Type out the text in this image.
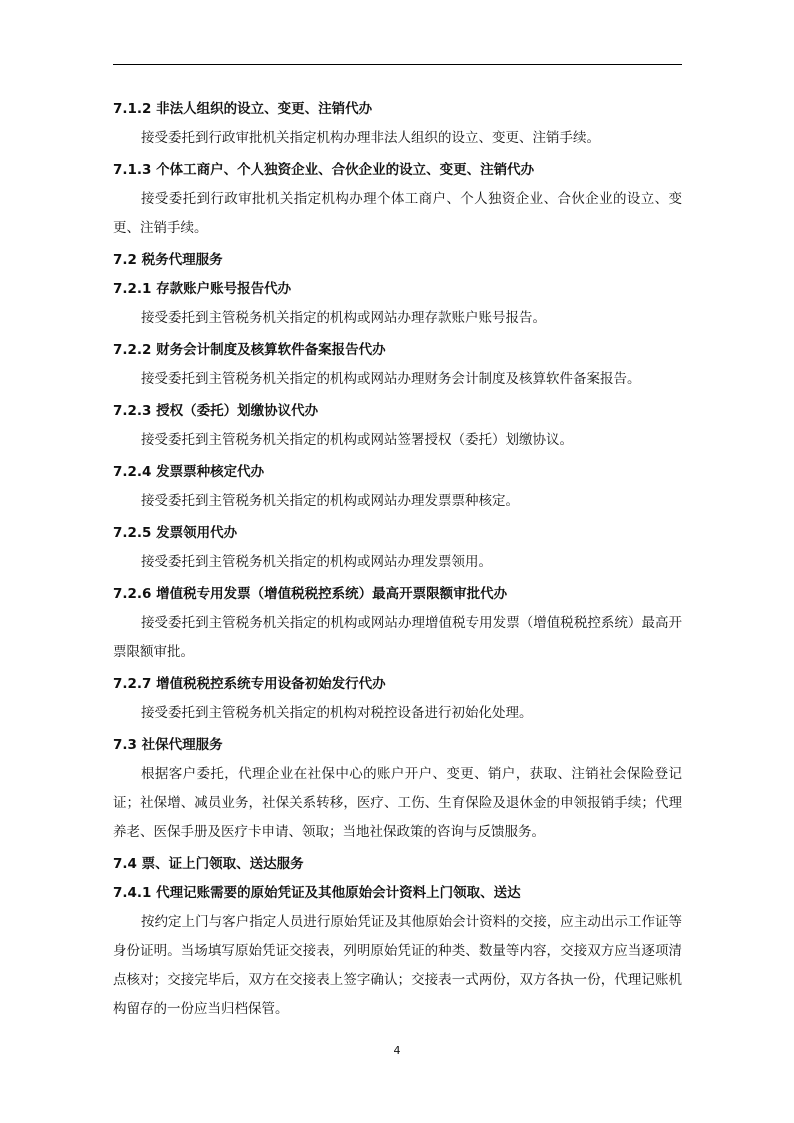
7.1.2 非法人组织的设立、变更、注销代办
接受委托到行政审批机关指定机构办理非法人组织的设立、变更、注销手续。
7.1.3 个体工商户、个人独资企业、合伙企业的设立、变更、注销代办
接受委托到行政审批机关指定机构办理个体工商户、个人独资企业、合伙企业的设立、变更、注销手续。
7.2 税务代理服务
7.2.1 存款账户账号报告代办
接受委托到主管税务机关指定的机构或网站办理存款账户账号报告。
7.2.2 财务会计制度及核算软件备案报告代办
接受委托到主管税务机关指定的机构或网站办理财务会计制度及核算软件备案报告。
7.2.3 授权（委托）划缴协议代办
接受委托到主管税务机关指定的机构或网站签署授权（委托）划缴协议。
7.2.4 发票票种核定代办
接受委托到主管税务机关指定的机构或网站办理发票票种核定。
7.2.5 发票领用代办
接受委托到主管税务机关指定的机构或网站办理发票领用。
7.2.6 增值税专用发票（增值税税控系统）最高开票限额审批代办
接受委托到主管税务机关指定的机构或网站办理增值税专用发票（增值税税控系统）最高开票限额审批。
7.2.7 增值税税控系统专用设备初始发行代办
接受委托到主管税务机关指定的机构对税控设备进行初始化处理。
7.3 社保代理服务
根据客户委托，代理企业在社保中心的账户开户、变更、销户，获取、注销社会保险登记证；社保增、减员业务，社保关系转移，医疗、工伤、生育保险及退休金的申领报销手续；代理养老、医保手册及医疗卡申请、领取；当地社保政策的咨询与反馈服务。
7.4 票、证上门领取、送达服务
7.4.1 代理记账需要的原始凭证及其他原始会计资料上门领取、送达
按约定上门与客户指定人员进行原始凭证及其他原始会计资料的交接，应主动出示工作证等身份证明。当场填写原始凭证交接表，列明原始凭证的种类、数量等内容，交接双方应当逐项清点核对；交接完毕后，双方在交接表上签字确认；交接表一式两份，双方各执一份，代理记账机构留存的一份应当归档保管。
4
